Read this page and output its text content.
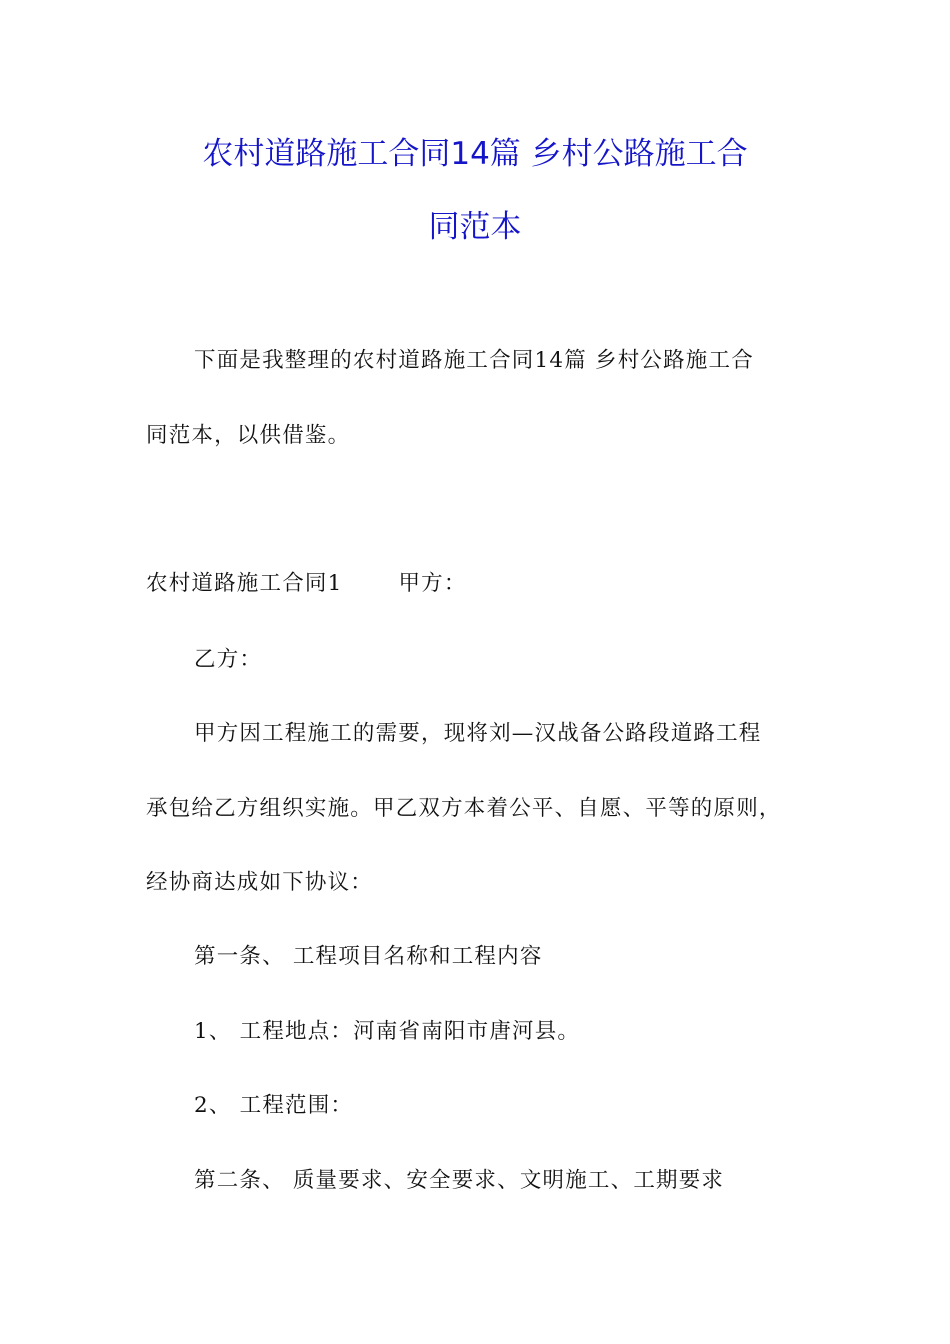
农村道路施工合同14篇 乡村公路施工合
同范本
下面是我整理的农村道路施工合同14篇 乡村公路施工合
同范本，以供借鉴。
农村道路施工合同1	甲方：
乙方：
甲方因工程施工的需要，现将刘—汉战备公路段道路工程
承包给乙方组织实施。甲乙双方本着公平、自愿、平等的原则，
经协商达成如下协议：
第一条、 工程项目名称和工程内容
1、 工程地点：河南省南阳市唐河县。
2、 工程范围：
第二条、 质量要求、安全要求、文明施工、工期要求
